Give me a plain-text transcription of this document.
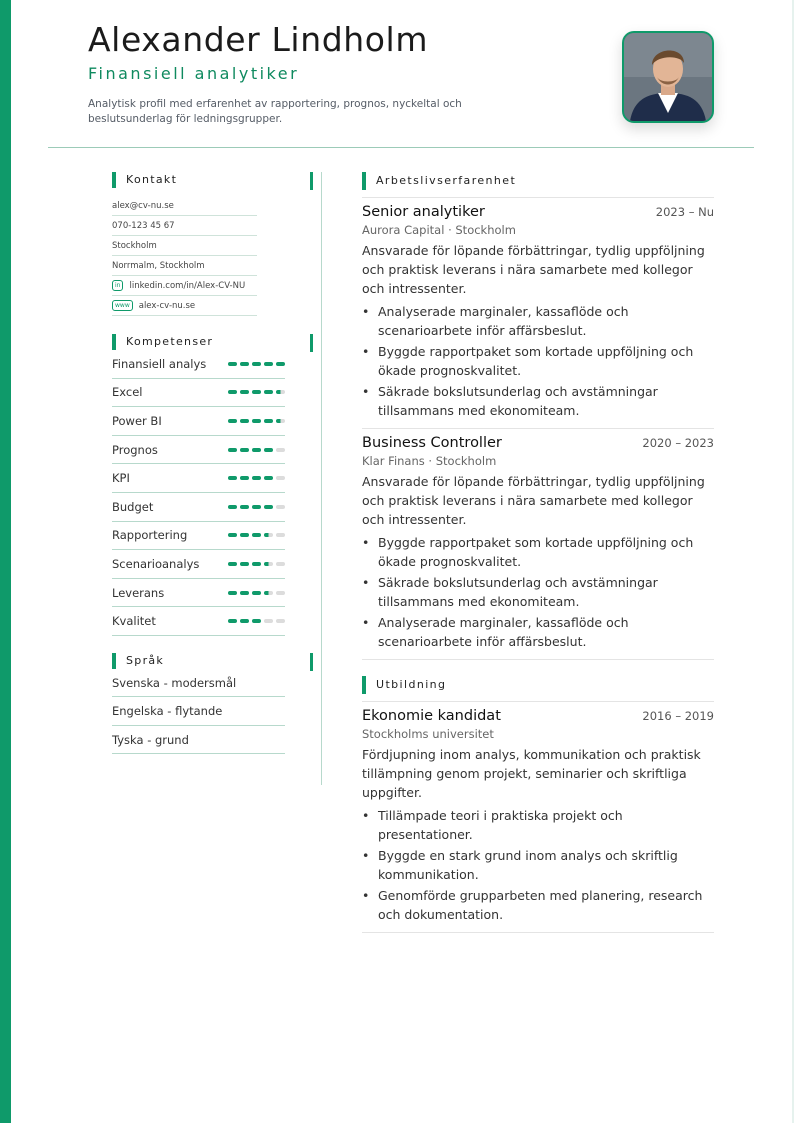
Alexander Lindholm
Finansiell analytiker
Analytisk profil med erfarenhet av rapportering, prognos, nyckeltal och beslutsunderlag för ledningsgrupper.
Kontakt
alex@cv-nu.se
070-123 45 67
Stockholm
Norrmalm, Stockholm
in	linkedin.com/in/Alex-CV-NU
www	alex-cv-nu.se
Kompetenser
Finansiell analys
Excel
Power BI
Prognos
KPI
Budget
Rapportering
Scenarioanalys
Leverans
Kvalitet
Språk
Svenska - modersmål
Engelska - flytande
Tyska - grund
Arbetslivserfarenhet
Senior analytiker	2023 – Nu
Aurora Capital · Stockholm
Ansvarade för löpande förbättringar, tydlig uppföljning och praktisk leverans i nära samarbete med kollegor och intressenter.
• Analyserade marginaler, kassaflöde och scenarioarbete inför affärsbeslut.
• Byggde rapportpaket som kortade uppföljning och ökade prognoskvalitet.
• Säkrade bokslutsunderlag och avstämningar tillsammans med ekonomiteam.
Business Controller	2020 – 2023
Klar Finans · Stockholm
Ansvarade för löpande förbättringar, tydlig uppföljning och praktisk leverans i nära samarbete med kollegor och intressenter.
• Byggde rapportpaket som kortade uppföljning och ökade prognoskvalitet.
• Säkrade bokslutsunderlag och avstämningar tillsammans med ekonomiteam.
• Analyserade marginaler, kassaflöde och scenarioarbete inför affärsbeslut.
Utbildning
Ekonomie kandidat	2016 – 2019
Stockholms universitet
Fördjupning inom analys, kommunikation och praktisk tillämpning genom projekt, seminarier och skriftliga uppgifter.
• Tillämpade teori i praktiska projekt och presentationer.
• Byggde en stark grund inom analys och skriftlig kommunikation.
• Genomförde grupparbeten med planering, research och dokumentation.
